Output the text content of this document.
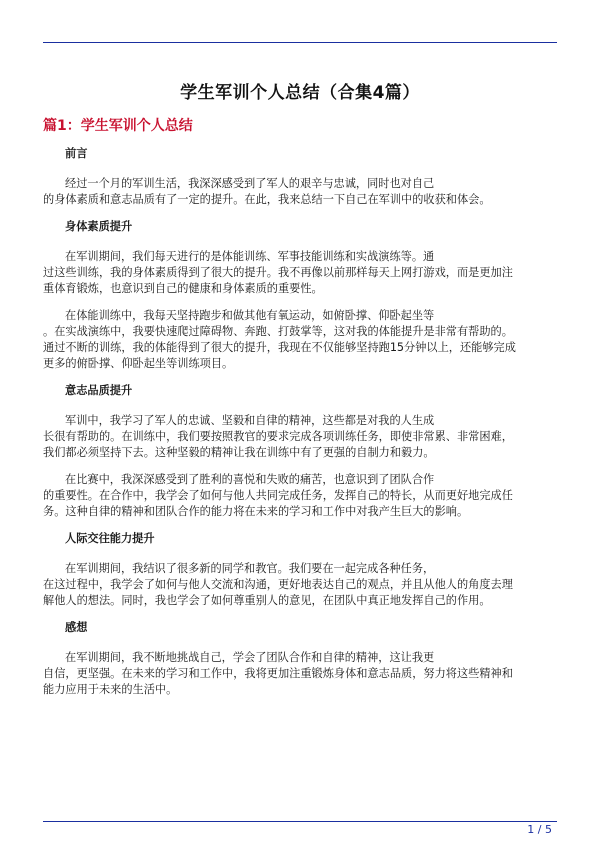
学生军训个人总结（合集4篇）
篇1：学生军训个人总结
前言
经过一个月的军训生活，我深深感受到了军人的艰辛与忠诚，同时也对自己
的身体素质和意志品质有了一定的提升。在此，我来总结一下自己在军训中的收获和体会。
身体素质提升
在军训期间，我们每天进行的是体能训练、军事技能训练和实战演练等。通
过这些训练，我的身体素质得到了很大的提升。我不再像以前那样每天上网打游戏，而是更加注
重体育锻炼，也意识到自己的健康和身体素质的重要性。
在体能训练中，我每天坚持跑步和做其他有氧运动，如俯卧撑、仰卧起坐等
。在实战演练中，我要快速爬过障碍物、奔跑、打鼓掌等，这对我的体能提升是非常有帮助的。
通过不断的训练，我的体能得到了很大的提升，我现在不仅能够坚持跑15分钟以上，还能够完成
更多的俯卧撑、仰卧起坐等训练项目。
意志品质提升
军训中，我学习了军人的忠诚、坚毅和自律的精神，这些都是对我的人生成
长很有帮助的。在训练中，我们要按照教官的要求完成各项训练任务，即使非常累、非常困难，
我们都必须坚持下去。这种坚毅的精神让我在训练中有了更强的自制力和毅力。
在比赛中，我深深感受到了胜利的喜悦和失败的痛苦，也意识到了团队合作
的重要性。在合作中，我学会了如何与他人共同完成任务，发挥自己的特长，从而更好地完成任
务。这种自律的精神和团队合作的能力将在未来的学习和工作中对我产生巨大的影响。
人际交往能力提升
在军训期间，我结识了很多新的同学和教官。我们要在一起完成各种任务，
在这过程中，我学会了如何与他人交流和沟通，更好地表达自己的观点，并且从他人的角度去理
解他人的想法。同时，我也学会了如何尊重别人的意见，在团队中真正地发挥自己的作用。
感想
在军训期间，我不断地挑战自己，学会了团队合作和自律的精神，这让我更
自信，更坚强。在未来的学习和工作中，我将更加注重锻炼身体和意志品质，努力将这些精神和
能力应用于未来的生活中。
1 / 5
